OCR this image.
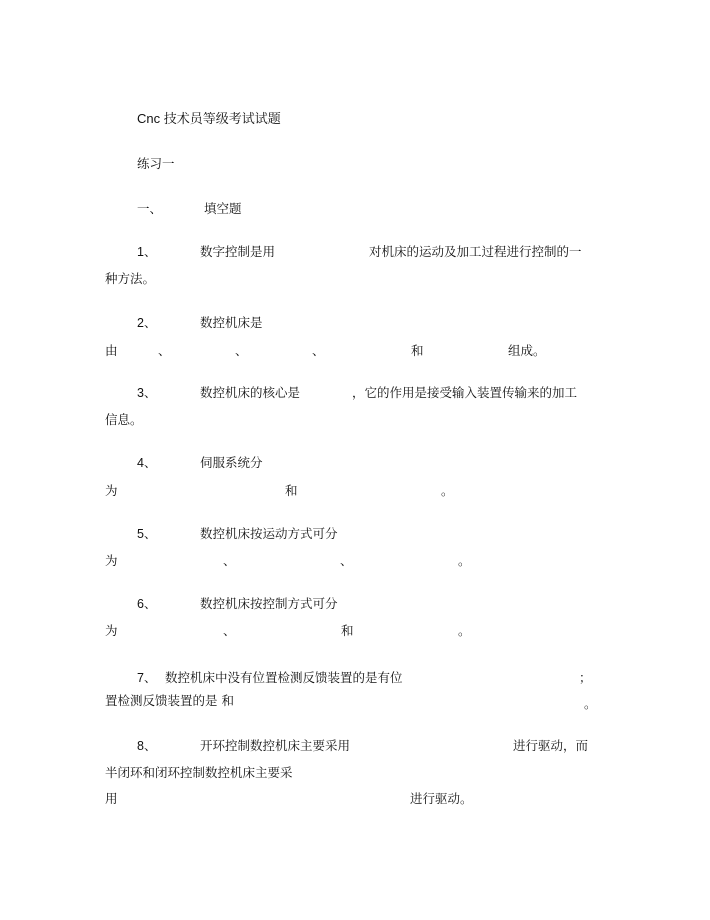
Cnc 技术员等级考试试题
练习一
一、	填空题
1、	数字控制是用	对机床的运动及加工过程进行控制的一
种方法。
2、	数控机床是
由	、	、	、	和	组成。
3、	数控机床的核心是	，它的作用是接受输入装置传输来的加工
信息。
4、	伺服系统分
为	和	。
5、	数控机床按运动方式可分
为	、	、	。
6、	数控机床按控制方式可分
为	、	和	。
7、 数控机床中没有位置检测反馈装置的是有位	；
置检测反馈装置的是 和	。
8、	开环控制数控机床主要采用	进行驱动，而
半闭环和闭环控制数控机床主要采
用	进行驱动。
